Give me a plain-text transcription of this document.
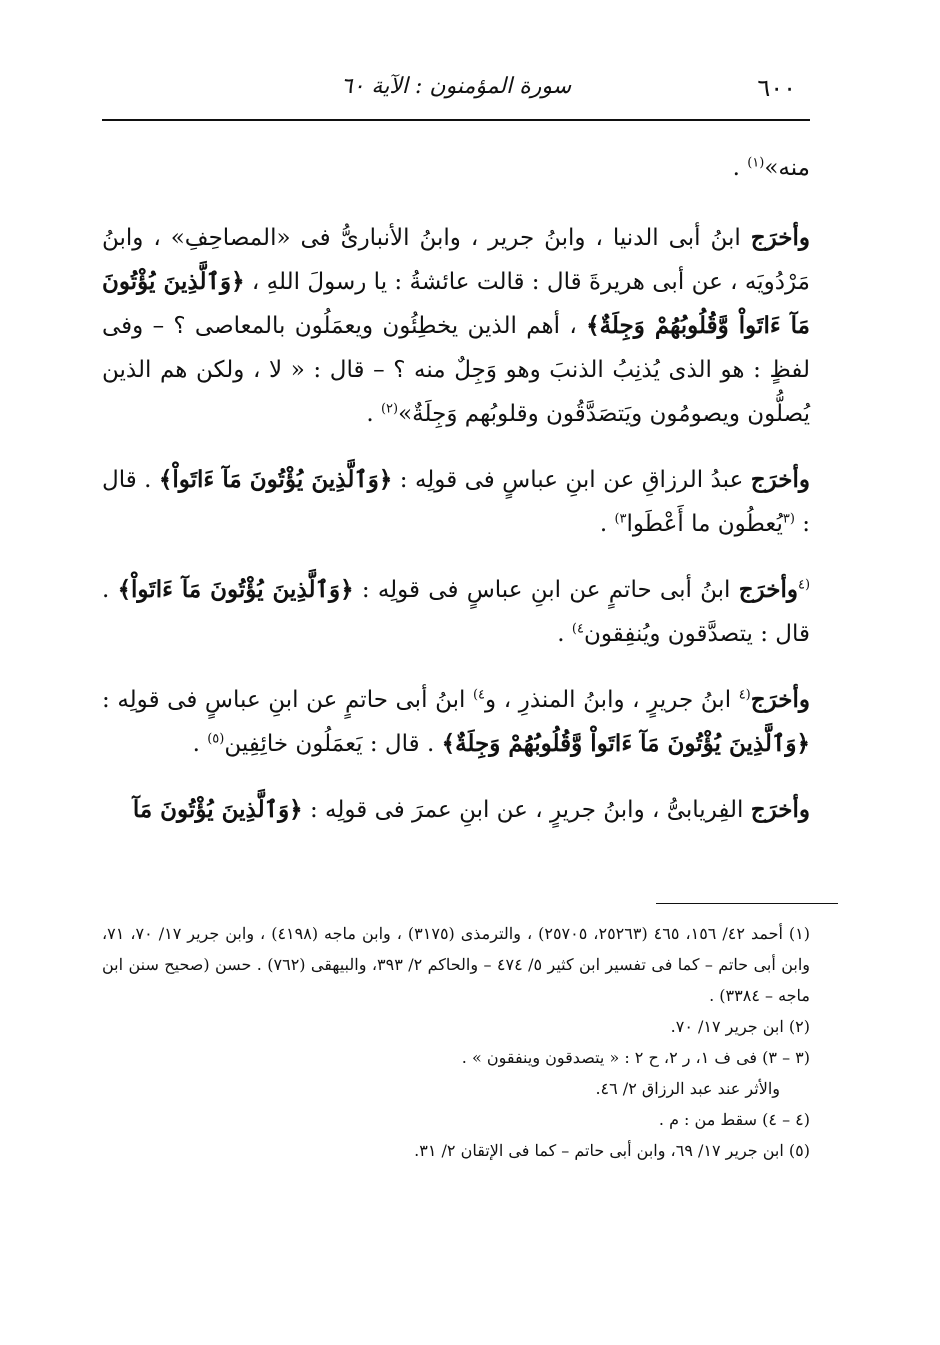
٦٠٠
سورة المؤمنون : الآية ٦٠

منه»$^{(١)}$ .

وأخرَج ابنُ أبى الدنيا ، وابنُ جرير ، وابنُ الأنبارىُّ فى «المصاحِفِ» ، وابنُ مَرْدُويَه ، عن أبى هريرةَ قال : قالت عائشةُ : يا رسولَ اللهِ ، ﴿وَٱلَّذِينَ يُؤْتُونَ مَآ ءَاتَواْ وَّقُلُوبُهُمْ وَجِلَةٌ﴾ ، أهم الذين يخطِئُون ويعمَلُون بالمعاصى ؟ – وفى لفظٍ : هو الذى يُذنِبُ الذنبَ وهو وَجِلٌ منه ؟ – قال : « لا ، ولكن هم الذين يُصلُّون ويصومُون ويَتصَدَّقُون وقلوبُهم وَجِلَةٌ»$^{(٢)}$ .

وأخرَج عبدُ الرزاقِ عن ابنِ عباسٍ فى قولِه : ﴿وَٱلَّذِينَ يُؤْتُونَ مَآ ءَاتَواْ﴾ . قال : $^{(٣}$يُعطُون ما أَعْطَوا$^{٣)}$ .

$^{(٤}$وأخرَج ابنُ أبى حاتمٍ عن ابنِ عباسٍ فى قولِه : ﴿وَٱلَّذِينَ يُؤْتُونَ مَآ ءَاتَواْ﴾ . قال : يتصدَّقون ويُنفِقون$^{٤)}$ .

وأخرَج$^{(٤}$ ابنُ جريرٍ ، وابنُ المنذرِ ، و$^{٤)}$ ابنُ أبى حاتمٍ عن ابنِ عباسٍ فى قولِه : ﴿وَٱلَّذِينَ يُؤْتُونَ مَآ ءَاتَواْ وَّقُلُوبُهُمْ وَجِلَةٌ﴾ . قال : يَعمَلُون خائِفِين$^{(٥)}$ .

وأخرَج الفِريابىُّ ، وابنُ جريرٍ ، عن ابنِ عمرَ فى قولِه : ﴿وَٱلَّذِينَ يُؤْتُونَ مَآ

(١) أحمد ٤٢/ ١٥٦، ٤٦٥ (٢٥٢٦٣، ٢٥٧٠٥) ، والترمذى (٣١٧٥) ، وابن ماجه (٤١٩٨) ، وابن جرير ١٧/ ٧٠، ٧١، وابن أبى حاتم – كما فى تفسير ابن كثير ٥/ ٤٧٤ – والحاكم ٢/ ٣٩٣، والبيهقى (٧٦٢) . حسن (صحيح سنن ابن ماجه – ٣٣٨٤) .

(٢) ابن جرير ١٧/ ٧٠.

(٣ – ٣) فى ف ١، ر ٢، ح ٢ : « يتصدقون وينفقون » .

والأثر عند عبد الرزاق ٢/ ٤٦.

(٤ – ٤) سقط من : م .

(٥) ابن جرير ١٧/ ٦٩، وابن أبى حاتم – كما فى الإتقان ٢/ ٣١.
